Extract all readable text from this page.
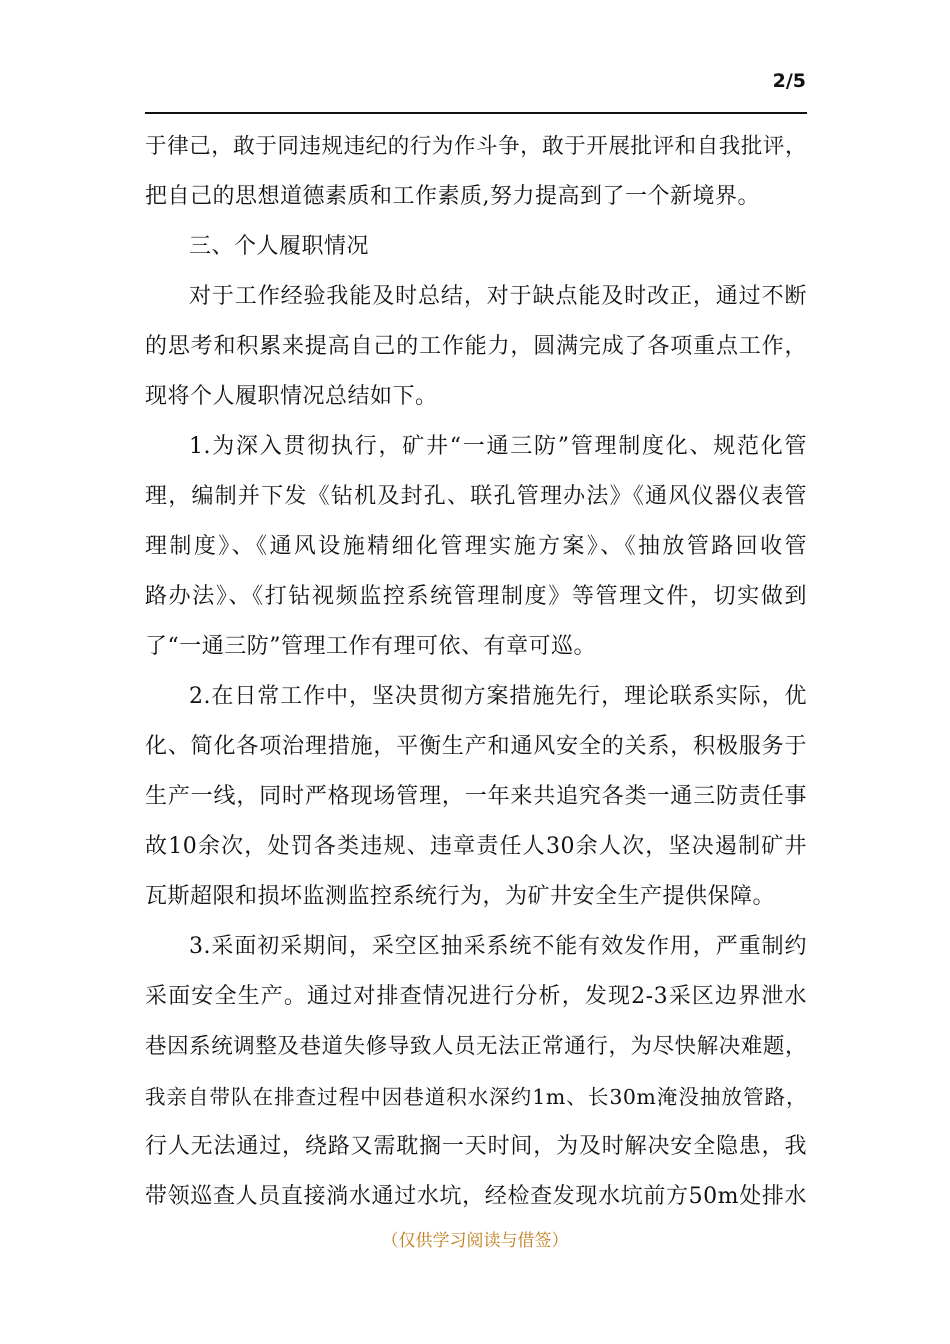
2/5
于律己，敢于同违规违纪的行为作斗争，敢于开展批评和自我批评，
把自己的思想道德素质和工作素质,努力提高到了一个新境界。
三、个人履职情况
对于工作经验我能及时总结，对于缺点能及时改正，通过不断
的思考和积累来提高自己的工作能力，圆满完成了各项重点工作，
现将个人履职情况总结如下。
1.为深入贯彻执行，矿井“一通三防”管理制度化、规范化管
理，编制并下发《钻机及封孔、联孔管理办法》《通风仪器仪表管
理制度》、《通风设施精细化管理实施方案》、《抽放管路回收管
路办法》、《打钻视频监控系统管理制度》等管理文件，切实做到
了“一通三防”管理工作有理可依、有章可巡。
2.在日常工作中，坚决贯彻方案措施先行，理论联系实际，优
化、简化各项治理措施，平衡生产和通风安全的关系，积极服务于
生产一线，同时严格现场管理，一年来共追究各类一通三防责任事
故10余次，处罚各类违规、违章责任人30余人次，坚决遏制矿井
瓦斯超限和损坏监测监控系统行为，为矿井安全生产提供保障。
3.采面初采期间，采空区抽采系统不能有效发作用，严重制约
采面安全生产。通过对排查情况进行分析，发现2-3采区边界泄水
巷因系统调整及巷道失修导致人员无法正常通行，为尽快解决难题，
我亲自带队在排查过程中因巷道积水深约1m、长30m淹没抽放管路，
行人无法通过，绕路又需耽搁一天时间，为及时解决安全隐患，我
带领巡查人员直接淌水通过水坑，经检查发现水坑前方50m处排水
（仅供学习阅读与借签）
